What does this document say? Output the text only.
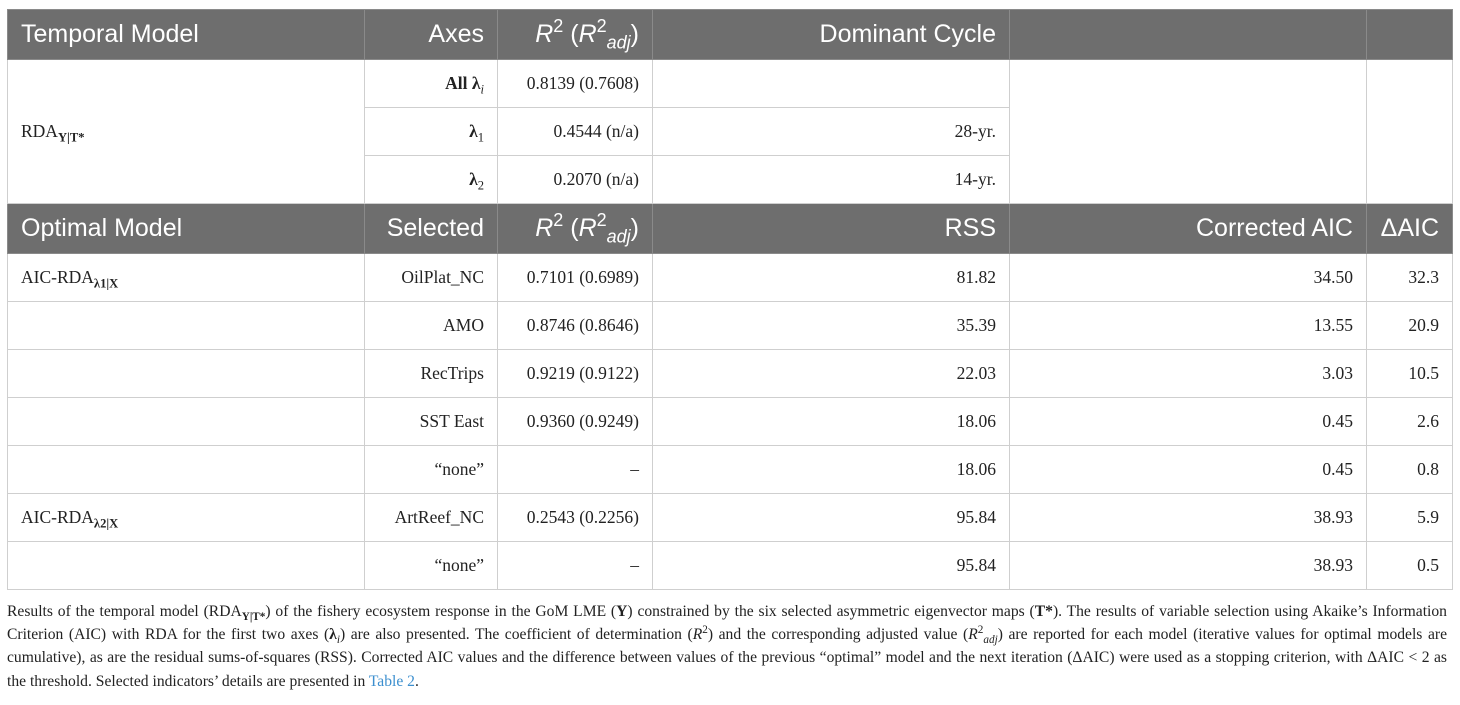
Temporal Model	Axes	$R^2$ $(R^2_{adj})$	Dominant Cycle		
$RDA_{Y|T*}$	All $\lambda_i$	0.8139 (0.7608)			
	$\lambda_1$	0.4544 (n/a)	28-yr.		
	$\lambda_2$	0.2070 (n/a)	14-yr.		
Optimal Model	Selected	$R^2$ $(R^2_{adj})$	RSS	Corrected AIC	ΔAIC
AIC-$RDA_{\lambda 1|X}$	OilPlat_NC	0.7101 (0.6989)	81.82	34.50	32.3
	AMO	0.8746 (0.8646)	35.39	13.55	20.9
	RecTrips	0.9219 (0.9122)	22.03	3.03	10.5
	SST East	0.9360 (0.9249)	18.06	0.45	2.6
	“none”	–	18.06	0.45	0.8
AIC-$RDA_{\lambda 2|X}$	ArtReef_NC	0.2543 (0.2256)	95.84	38.93	5.9
	“none”	–	95.84	38.93	0.5
Results of the temporal model $(RDA_{Y|T*})$ of the fishery ecosystem response in the GoM LME (Y) constrained by the six selected asymmetric eigenvector maps (T*). The results of variable selection using Akaike’s Information Criterion (AIC) with RDA for the first two axes $(\lambda_i)$ are also presented. The coefficient of determination $(R^2)$ and the corresponding adjusted value $(R^2_{adj})$ are reported for each model (iterative values for optimal models are cumulative), as are the residual sums-of-squares (RSS). Corrected AIC values and the difference between values of the previous “optimal” model and the next iteration (ΔAIC) were used as a stopping criterion, with ΔAIC < 2 as the threshold. Selected indicators’ details are presented in Table 2.
